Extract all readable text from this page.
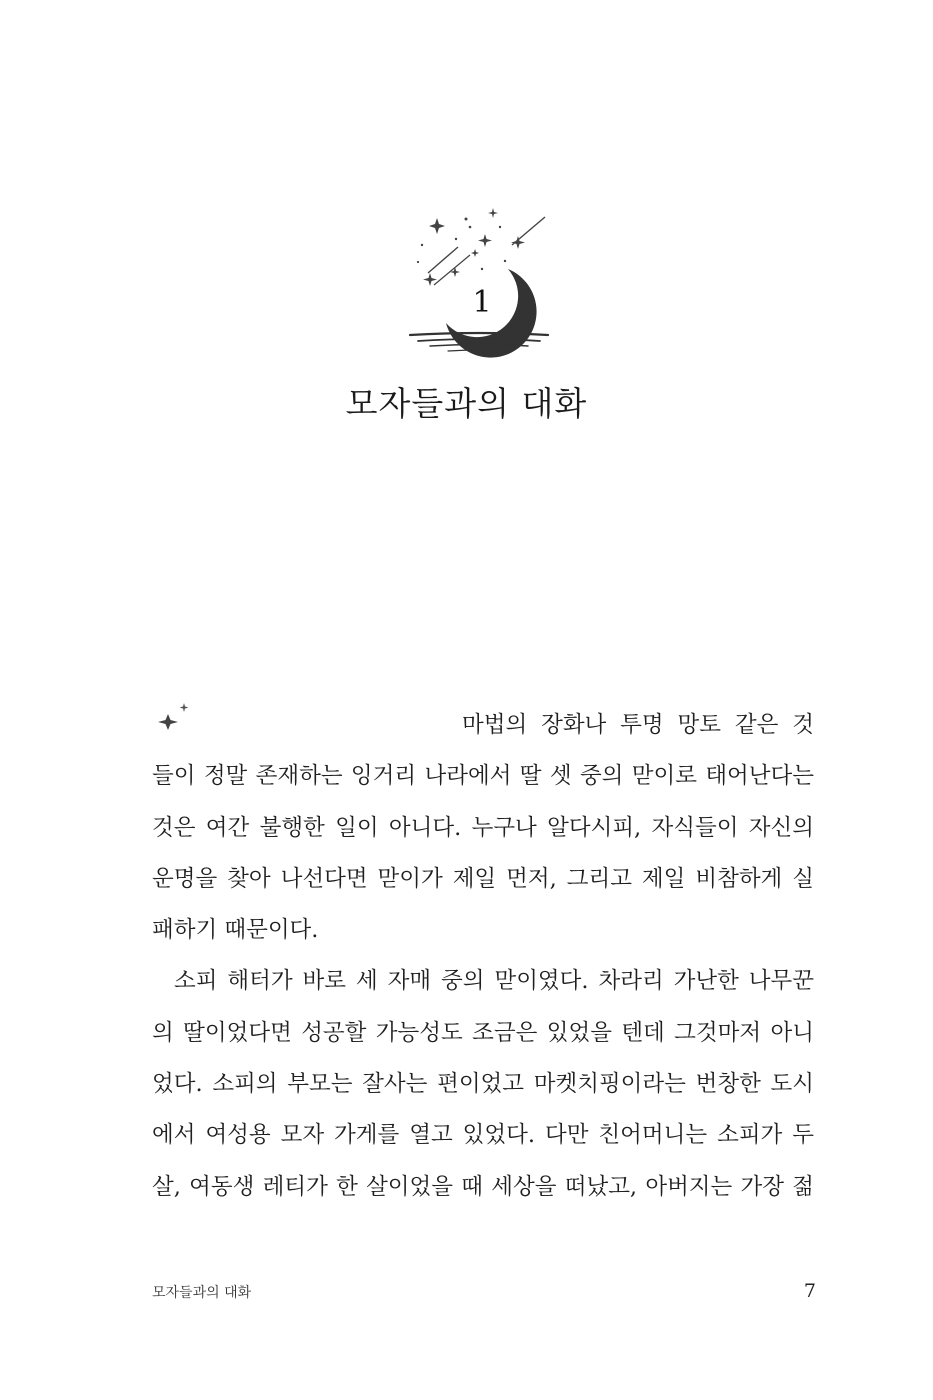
1
모자들과의 대화

마법의 장화나 투명 망토 같은 것
들이 정말 존재하는 잉거리 나라에서 딸 셋 중의 맏이로 태어난다는
것은 여간 불행한 일이 아니다. 누구나 알다시피, 자식들이 자신의
운명을 찾아 나선다면 맏이가 제일 먼저, 그리고 제일 비참하게 실
패하기 때문이다.

소피 해터가 바로 세 자매 중의 맏이였다. 차라리 가난한 나무꾼
의 딸이었다면 성공할 가능성도 조금은 있었을 텐데 그것마저 아니
었다. 소피의 부모는 잘사는 편이었고 마켓치핑이라는 번창한 도시
에서 여성용 모자 가게를 열고 있었다. 다만 친어머니는 소피가 두
살, 여동생 레티가 한 살이었을 때 세상을 떠났고, 아버지는 가장 젊

모자들과의 대화	7
